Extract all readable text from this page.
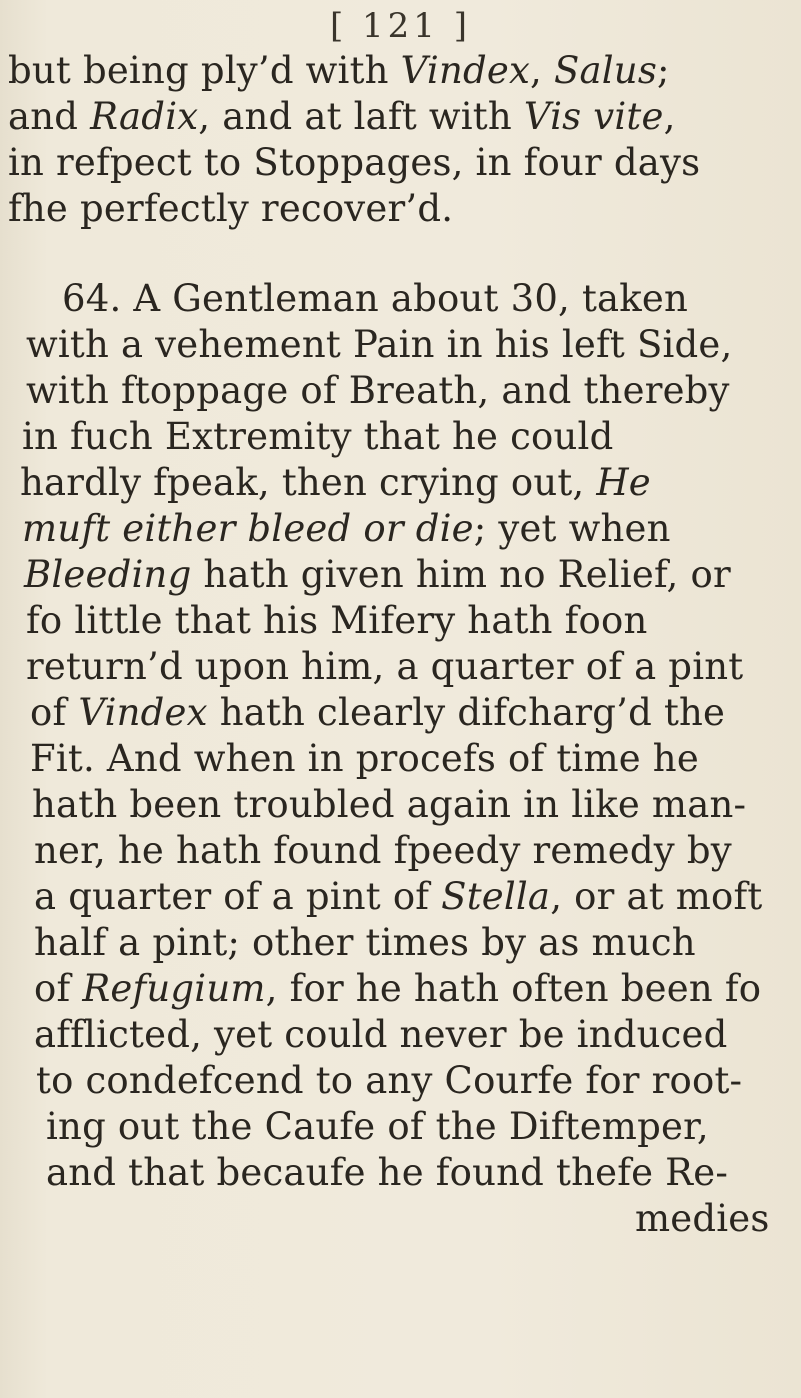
[ 121 ]
but being ply’d with Vindex, Salus;
and Radix, and at laft with Vis vite,
in refpect to Stoppages, in four days
fhe perfectly recover’d.
64. A Gentleman about 30, taken
with a vehement Pain in his left Side,
with ftoppage of Breath, and thereby
in fuch Extremity that he could
hardly fpeak, then crying out, He
muft either bleed or die; yet when
Bleeding hath given him no Relief, or
fo little that his Mifery hath foon
return’d upon him, a quarter of a pint
of Vindex hath clearly difcharg’d the
Fit. And when in procefs of time he
hath been troubled again in like man-
ner, he hath found fpeedy remedy by
a quarter of a pint of Stella, or at moft
half a pint; other times by as much
of Refugium, for he hath often been fo
afflicted, yet could never be induced
to condefcend to any Courfe for root-
ing out the Caufe of the Diftemper,
and that becaufe he found thefe Re-
medies
